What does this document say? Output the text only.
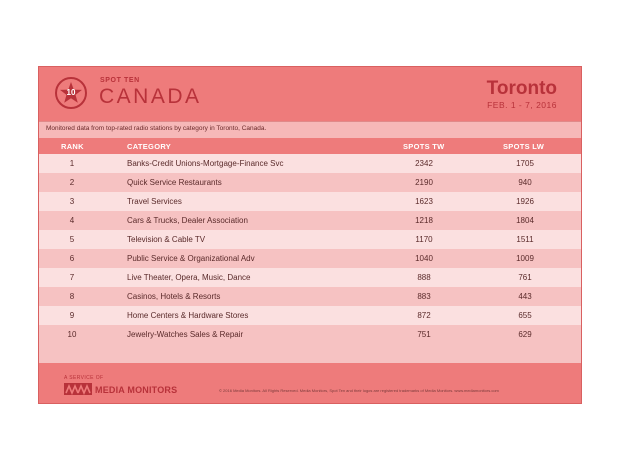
10
SPOT TEN
CANADA	Toronto
FEB. 1 - 7, 2016
Monitored data from top-rated radio stations by category in Toronto, Canada.
RANK	CATEGORY	SPOTS TW	SPOTS LW
1	Banks-Credit Unions-Mortgage-Finance Svc	2342	1705
2	Quick Service Restaurants	2190	940
3	Travel Services	1623	1926
4	Cars & Trucks, Dealer Association	1218	1804
5	Television & Cable TV	1170	1511
6	Public Service & Organizational Adv	1040	1009
7	Live Theater, Opera, Music, Dance	888	761
8	Casinos, Hotels & Resorts	883	443
9	Home Centers & Hardware Stores	872	655
10	Jewelry-Watches Sales & Repair	751	629
A SERVICE OF
MEDIA MONITORS	© 2016 Media Monitors. All Rights Reserved. Media Monitors, Spot Ten and their logos are registered trademarks of Media Monitors. www.mediamonitors.com
